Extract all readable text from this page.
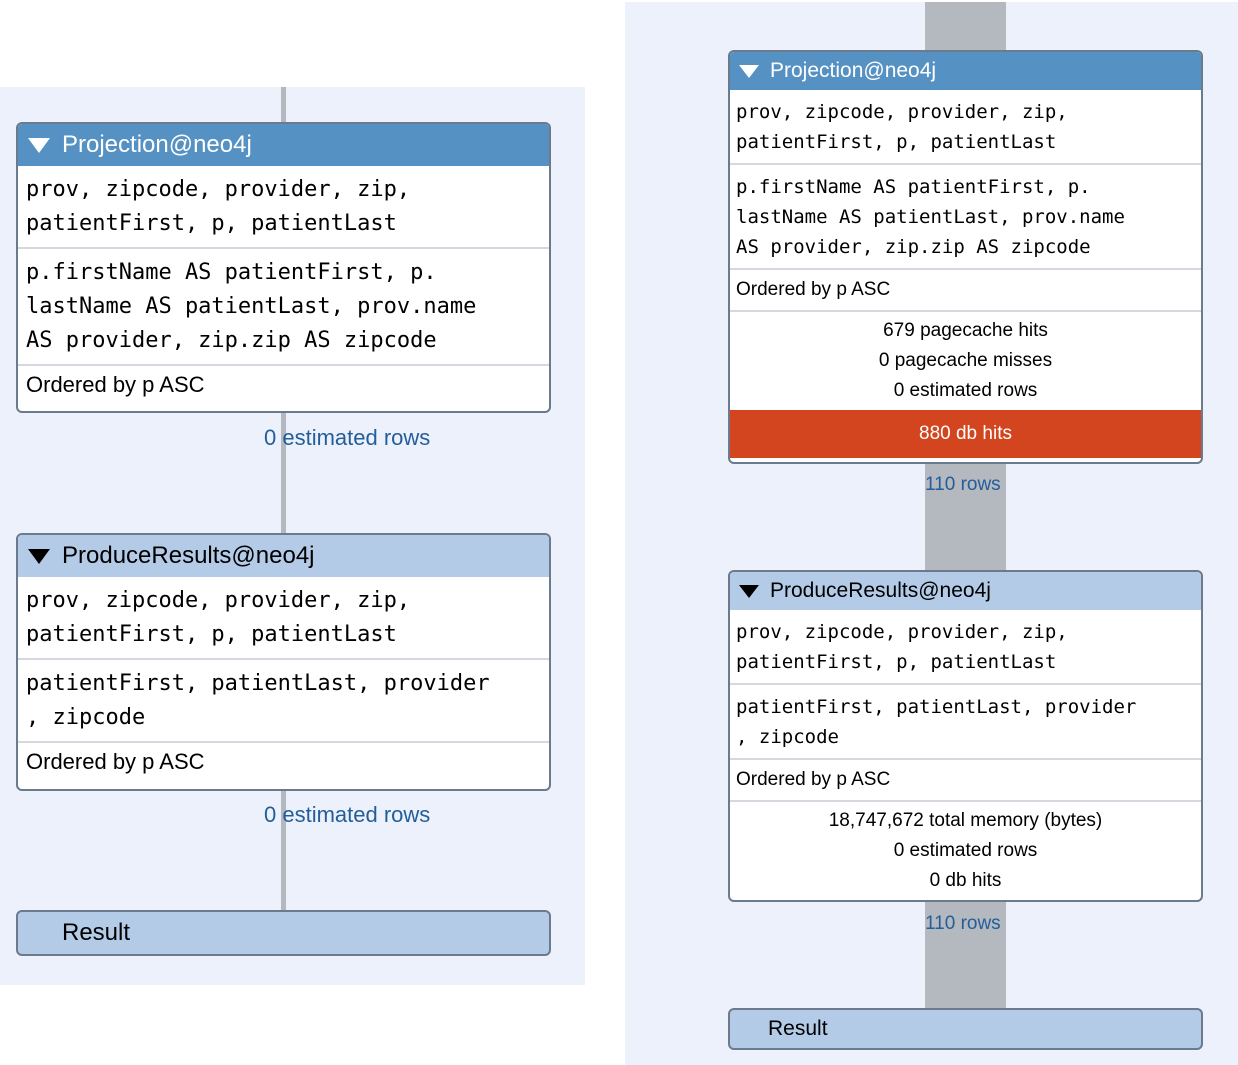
Projection@neo4j
prov, zipcode, provider, zip,
patientFirst, p, patientLast
p.firstName AS patientFirst, p.
lastName AS patientLast, prov.name
AS provider, zip.zip AS zipcode
Ordered by p ASC
0 estimated rows
ProduceResults@neo4j
prov, zipcode, provider, zip,
patientFirst, p, patientLast
patientFirst, patientLast, provider
, zipcode
Ordered by p ASC
0 estimated rows
Result
Projection@neo4j
prov, zipcode, provider, zip,
patientFirst, p, patientLast
p.firstName AS patientFirst, p.
lastName AS patientLast, prov.name
AS provider, zip.zip AS zipcode
Ordered by p ASC
679 pagecache hits
0 pagecache misses
0 estimated rows
880 db hits
110 rows
ProduceResults@neo4j
prov, zipcode, provider, zip,
patientFirst, p, patientLast
patientFirst, patientLast, provider
, zipcode
Ordered by p ASC
18,747,672 total memory (bytes)
0 estimated rows
0 db hits
110 rows
Result
